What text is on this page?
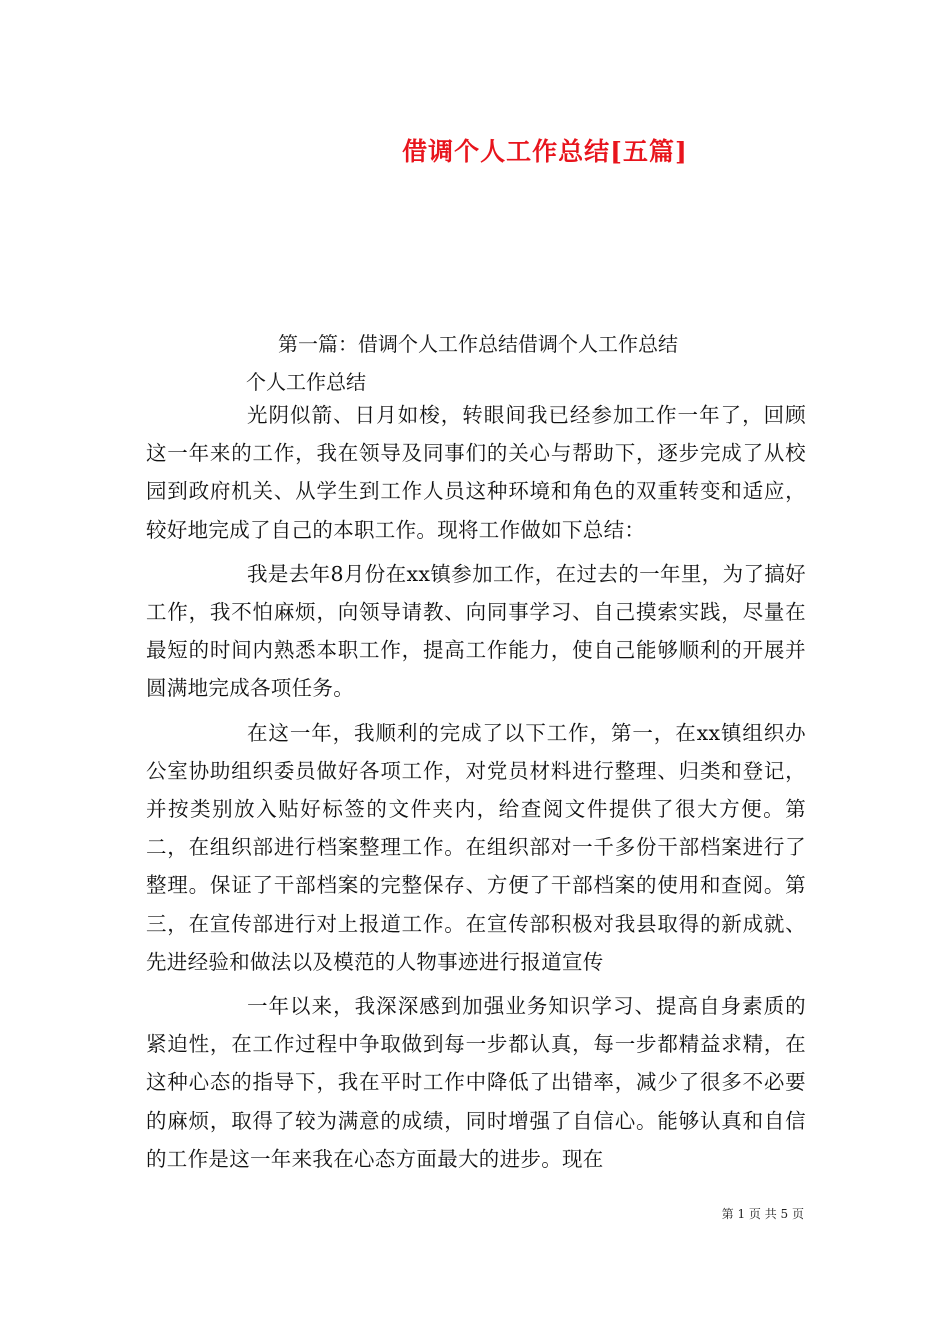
借调个人工作总结[五篇]
第一篇：借调个人工作总结借调个人工作总结
个人工作总结

光阴似箭、日月如梭，转眼间我已经参加工作一年了，回顾这一年来的工作，我在领导及同事们的关心与帮助下，逐步完成了从校园到政府机关、从学生到工作人员这种环境和角色的双重转变和适应，较好地完成了自己的本职工作。现将工作做如下总结：

我是去年8月份在xx镇参加工作，在过去的一年里，为了搞好工作，我不怕麻烦，向领导请教、向同事学习、自己摸索实践，尽量在最短的时间内熟悉本职工作，提高工作能力，使自己能够顺利的开展并圆满地完成各项任务。

在这一年，我顺利的完成了以下工作，第一，在xx镇组织办公室协助组织委员做好各项工作，对党员材料进行整理、归类和登记，并按类别放入贴好标签的文件夹内，给查阅文件提供了很大方便。第二，在组织部进行档案整理工作。在组织部对一千多份干部档案进行了整理。保证了干部档案的完整保存、方便了干部档案的使用和查阅。第三，在宣传部进行对上报道工作。在宣传部积极对我县取得的新成就、先进经验和做法以及模范的人物事迹进行报道宣传

一年以来，我深深感到加强业务知识学习、提高自身素质的紧迫性，在工作过程中争取做到每一步都认真，每一步都精益求精，在这种心态的指导下，我在平时工作中降低了出错率，减少了很多不必要的麻烦，取得了较为满意的成绩，同时增强了自信心。能够认真和自信的工作是这一年来我在心态方面最大的进步。现在

第 1 页 共 5 页
